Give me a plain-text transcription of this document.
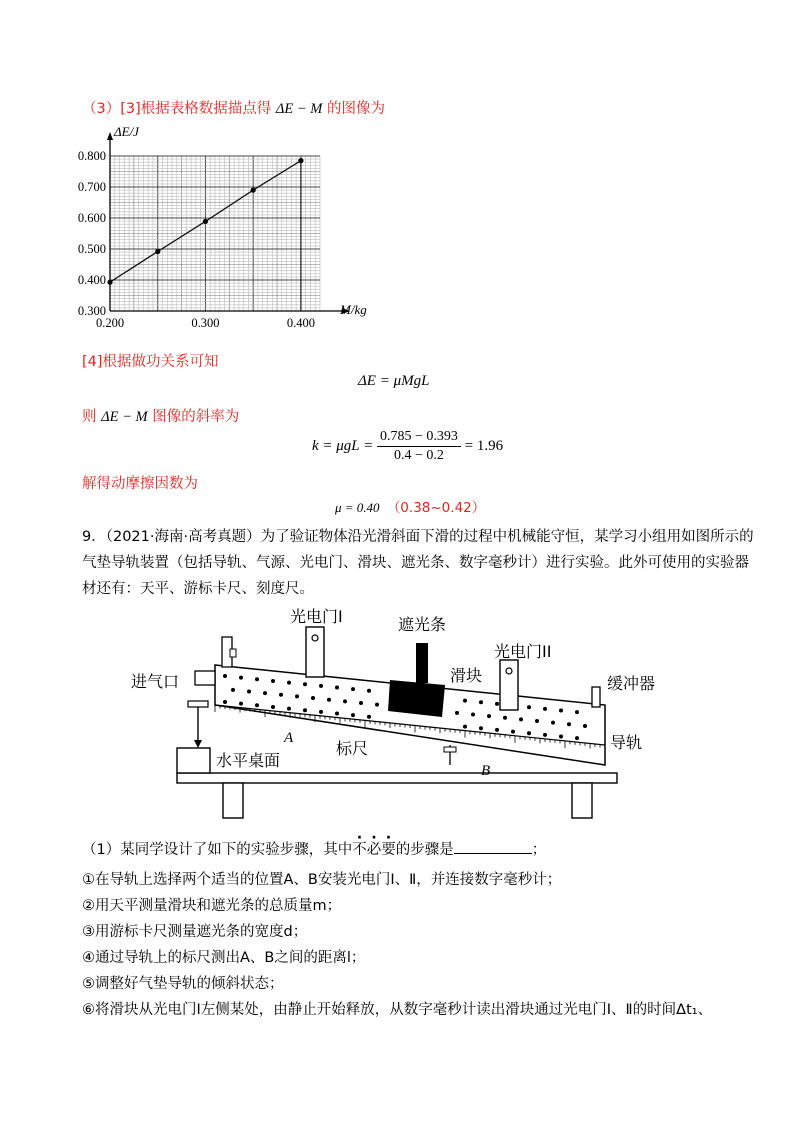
（3）[3]根据表格数据描点得 ΔE − M 的图像为
0.300
0.400
0.500
0.600
0.700
0.800
0.200	0.300	0.400
ΔE/J
M/kg
[4]根据做功关系可知
ΔE = μMgL
则 ΔE − M 图像的斜率为
$k = \mu gL = \frac{0.785 - 0.393}{0.4 - 0.2} = 1.96$
解得动摩擦因数为
μ = 0.40 （0.38~0.42）
9．（2021·海南·高考真题）为了验证物体沿光滑斜面下滑的过程中机械能守恒，某学习小组用如图所示的
气垫导轨装置（包括导轨、气源、光电门、滑块、遮光条、数字毫秒计）进行实验。此外可使用的实验器
材还有：天平、游标卡尺、刻度尺。
光电门I	遮光条
光电门II
进气口	滑块	缓冲器
导轨
A
B
标尺
水平桌面
（1）某同学设计了如下的实验步骤，其中不必要的步骤是	；
①在导轨上选择两个适当的位置A、B安装光电门Ⅰ、Ⅱ，并连接数字毫秒计；
②用天平测量滑块和遮光条的总质量m；
③用游标卡尺测量遮光条的宽度d；
④通过导轨上的标尺测出A、B之间的距离l；
⑤调整好气垫导轨的倾斜状态；
⑥将滑块从光电门Ⅰ左侧某处，由静止开始释放，从数字毫秒计读出滑块通过光电门Ⅰ、Ⅱ的时间Δt₁、
